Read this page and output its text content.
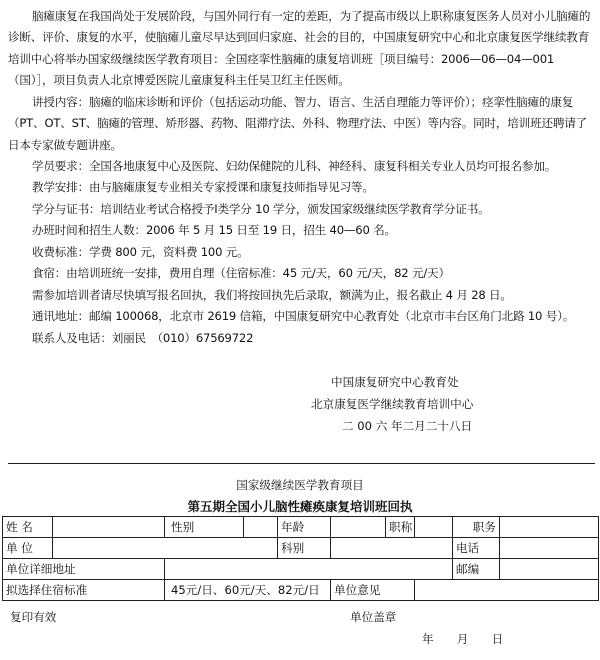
脑瘫康复在我国尚处于发展阶段，与国外同行有一定的差距，为了提高市级以上职称康复医务人员对小儿脑瘫的诊断、评价、康复的水平，使脑瘫儿童尽早达到回归家庭、社会的目的，中国康复研究中心和北京康复医学继续教育培训中心将举办国家级继续医学教育项目：全国痉挛性脑瘫的康复培训班［项目编号：2006—06—04—001（国）］，项目负责人北京博爱医院儿童康复科主任吴卫红主任医师。

讲授内容：脑瘫的临床诊断和评价（包括运动功能、智力、语言、生活自理能力等评价）；痉挛性脑瘫的康复（PT、OT、ST、脑瘫的管理、矫形器、药物、阻滞疗法、外科、物理疗法、中医）等内容。同时，培训班还聘请了日本专家做专题讲座。

学员要求：全国各地康复中心及医院、妇幼保健院的儿科、神经科、康复科相关专业人员均可报名参加。
教学安排：由与脑瘫康复专业相关专家授课和康复技师指导见习等。
学分与证书：培训结业考试合格授予Ⅰ类学分 10 学分，颁发国家级继续医学教育学分证书。
办班时间和招生人数：2006 年 5 月 15 日至 19 日，招生 40—60 名。
收费标准：学费 800 元，资料费 100 元。
食宿：由培训班统一安排，费用自理（住宿标准：45 元/天，60 元/天，82 元/天）
需参加培训者请尽快填写报名回执，我们将按回执先后录取，额满为止，报名截止 4 月 28 日。
通讯地址：邮编 100068，北京市 2619 信箱，中国康复研究中心教育处（北京市丰台区角门北路 10 号）。
联系人及电话：刘丽民　（010）67569722
中国康复研究中心教育处
北京康复医学继续教育培训中心
二 00 六 年二月二十八日
国家级继续医学教育项目
第五期全国小儿脑性瘫痪康复培训班回执
姓 名		性别		年龄		职称		职务	
单 位				科别				电话	
单位详细地址								邮编	
拟选择住宿标准		45元/日、60元/天、82元/日			单位意见				
复印有效	单位盖章
年　　月　　日
